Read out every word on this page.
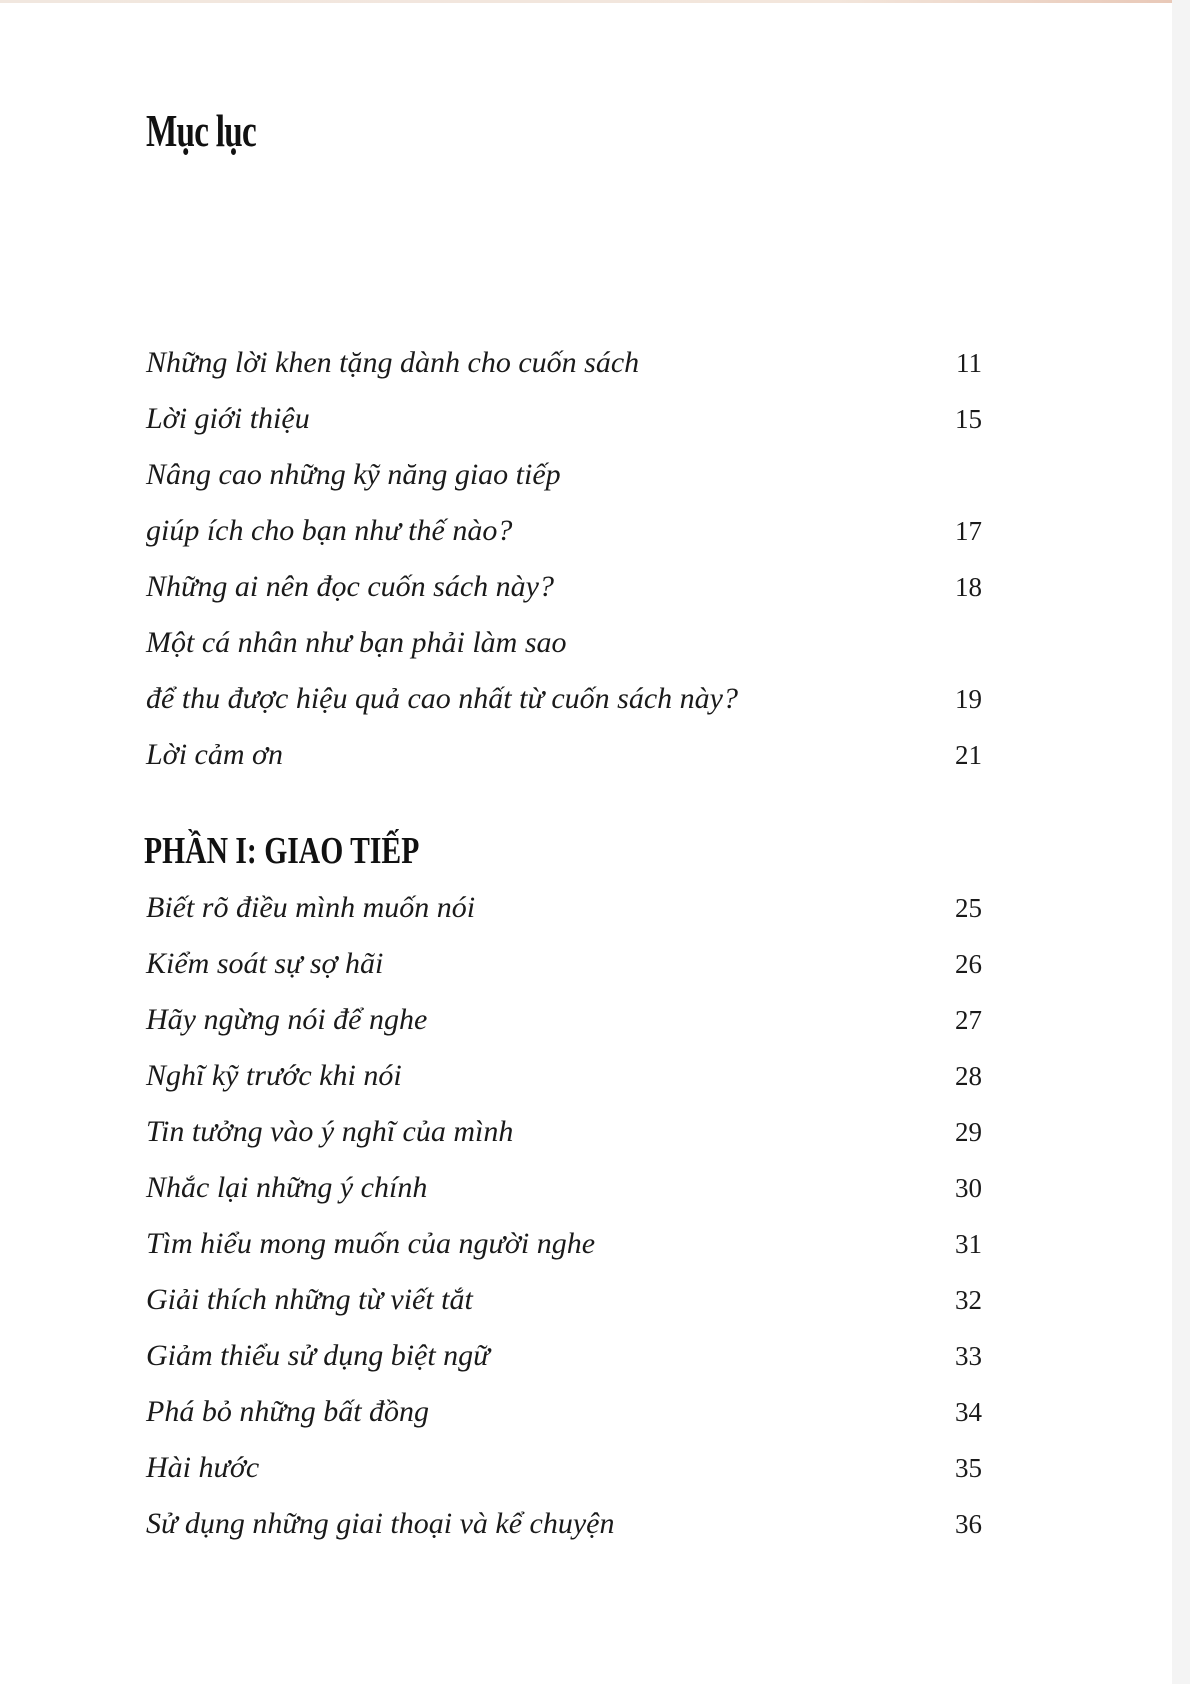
Mục lục
Những lời khen tặng dành cho cuốn sách	11
Lời giới thiệu	15
Nâng cao những kỹ năng giao tiếp
giúp ích cho bạn như thế nào?	17
Những ai nên đọc cuốn sách này?	18
Một cá nhân như bạn phải làm sao
để thu được hiệu quả cao nhất từ cuốn sách này?	19
Lời cảm ơn	21
PHẦN I: GIAO TIẾP
Biết rõ điều mình muốn nói	25
Kiểm soát sự sợ hãi	26
Hãy ngừng nói để nghe	27
Nghĩ kỹ trước khi nói	28
Tin tưởng vào ý nghĩ của mình	29
Nhắc lại những ý chính	30
Tìm hiểu mong muốn của người nghe	31
Giải thích những từ viết tắt	32
Giảm thiểu sử dụng biệt ngữ	33
Phá bỏ những bất đồng	34
Hài hước	35
Sử dụng những giai thoại và kể chuyện	36
